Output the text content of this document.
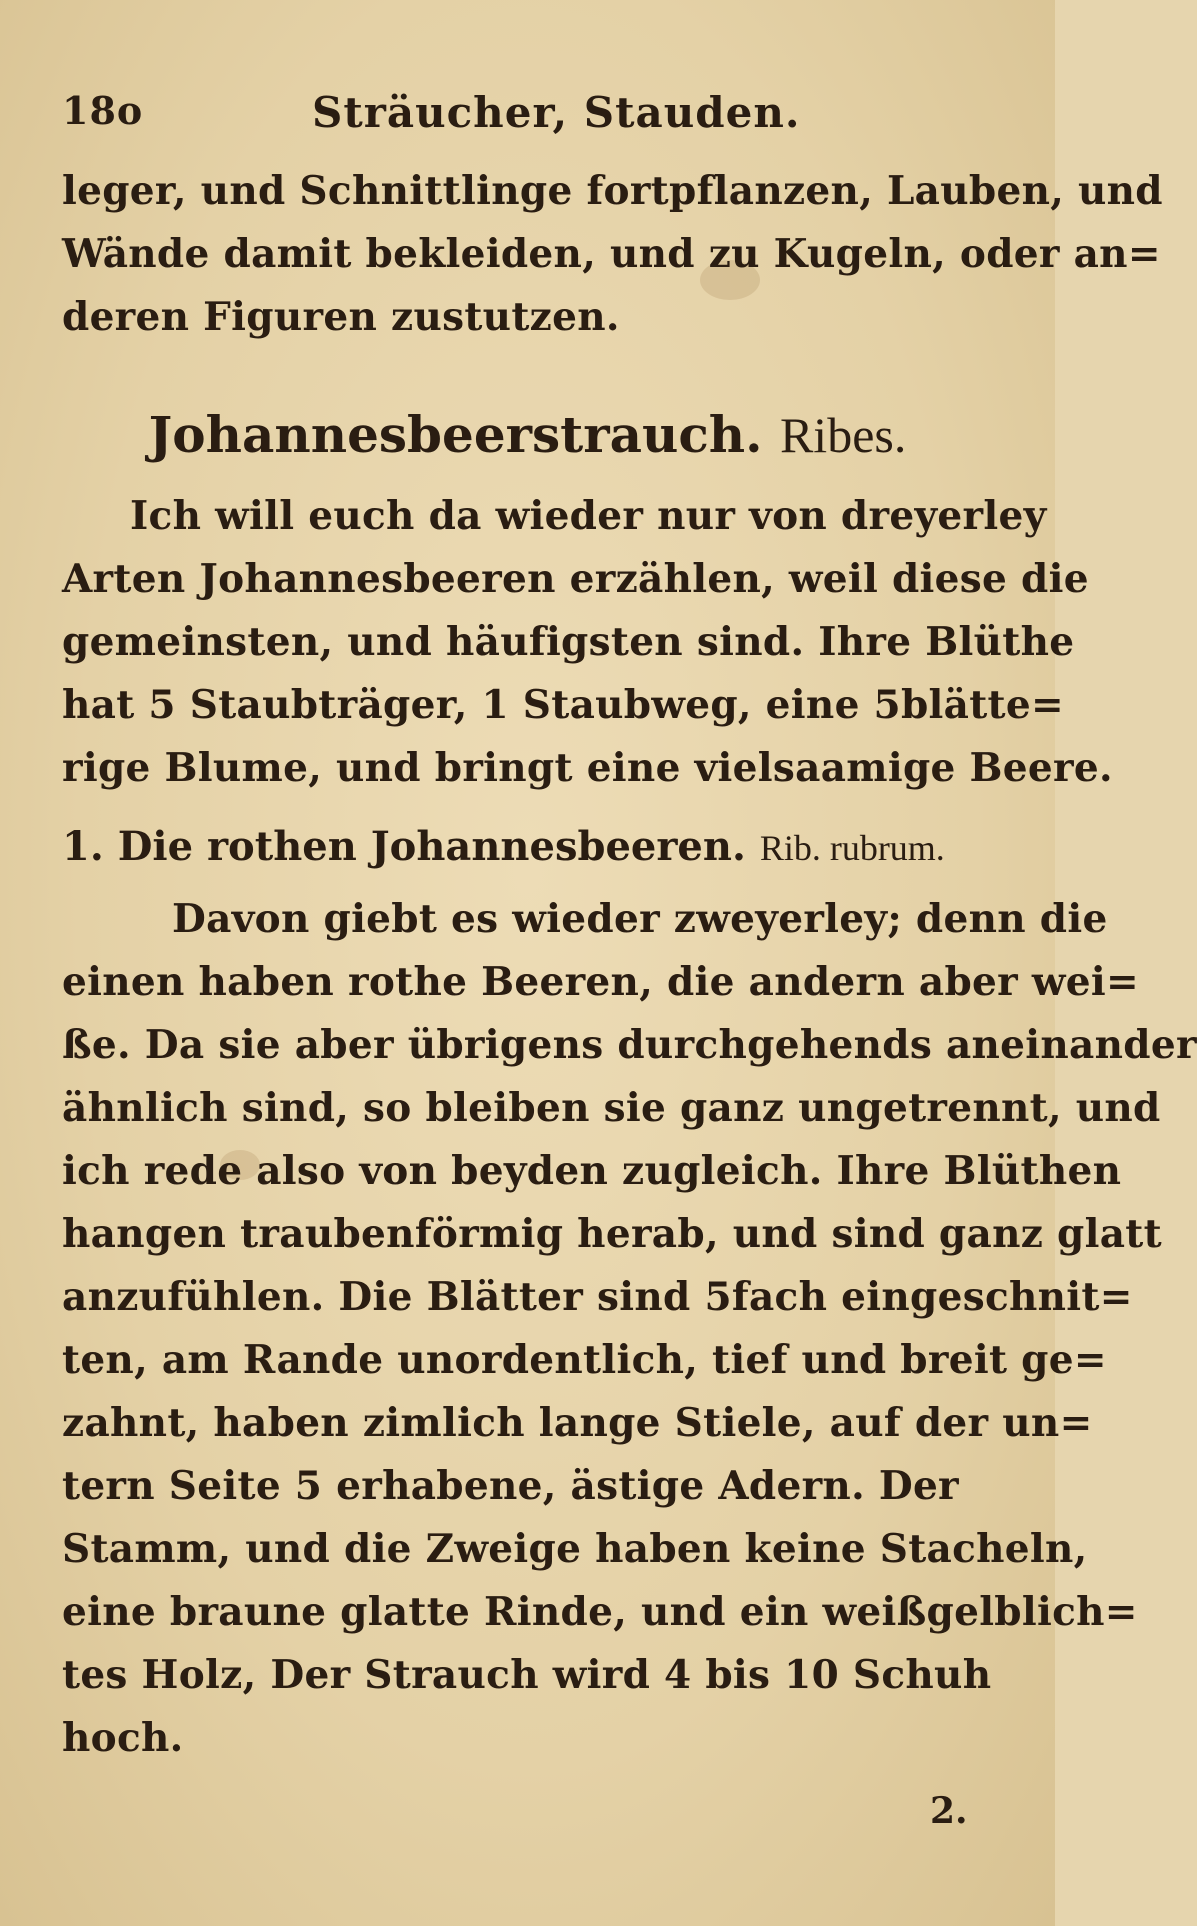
18o	Sträucher, Stauden.
leger, und Schnittlinge fortpflanzen, Lauben, und
Wände damit bekleiden, und zu Kugeln, oder an=
deren Figuren zustutzen.
Johannesbeerstrauch. Ribes.
Ich will euch da wieder nur von dreyerley
Arten Johannesbeeren erzählen, weil diese die
gemeinsten, und häufigsten sind. Ihre Blüthe
hat 5 Staubträger, 1 Staubweg, eine 5blätte=
rige Blume, und bringt eine vielsaamige Beere.
1. Die rothen Johannesbeeren. Rib. rubrum.
Davon giebt es wieder zweyerley; denn die
einen haben rothe Beeren, die andern aber wei=
ße. Da sie aber übrigens durchgehends aneinander
ähnlich sind, so bleiben sie ganz ungetrennt, und
ich rede also von beyden zugleich. Ihre Blüthen
hangen traubenförmig herab, und sind ganz glatt
anzufühlen. Die Blätter sind 5fach eingeschnit=
ten, am Rande unordentlich, tief und breit ge=
zahnt, haben zimlich lange Stiele, auf der un=
tern Seite 5 erhabene, ästige Adern. Der
Stamm, und die Zweige haben keine Stacheln,
eine braune glatte Rinde, und ein weißgelblich=
tes Holz, Der Strauch wird 4 bis 10 Schuh
hoch.
2.
